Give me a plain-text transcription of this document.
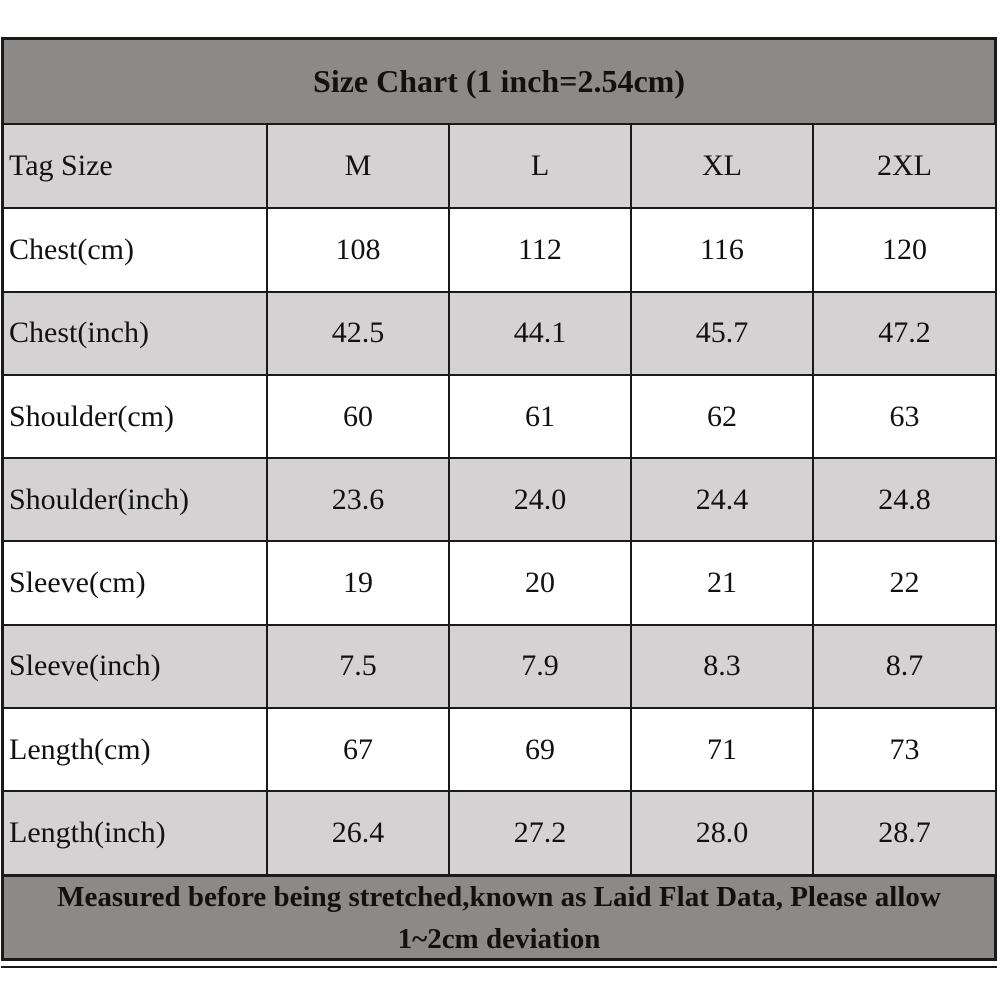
Size Chart (1 inch=2.54cm)
Tag Size	M	L	XL	2XL
Chest(cm)	108	112	116	120
Chest(inch)	42.5	44.1	45.7	47.2
Shoulder(cm)	60	61	62	63
Shoulder(inch)	23.6	24.0	24.4	24.8
Sleeve(cm)	19	20	21	22
Sleeve(inch)	7.5	7.9	8.3	8.7
Length(cm)	67	69	71	73
Length(inch)	26.4	27.2	28.0	28.7
Measured before being stretched,known as Laid Flat Data, Please allow 1~2cm deviation
